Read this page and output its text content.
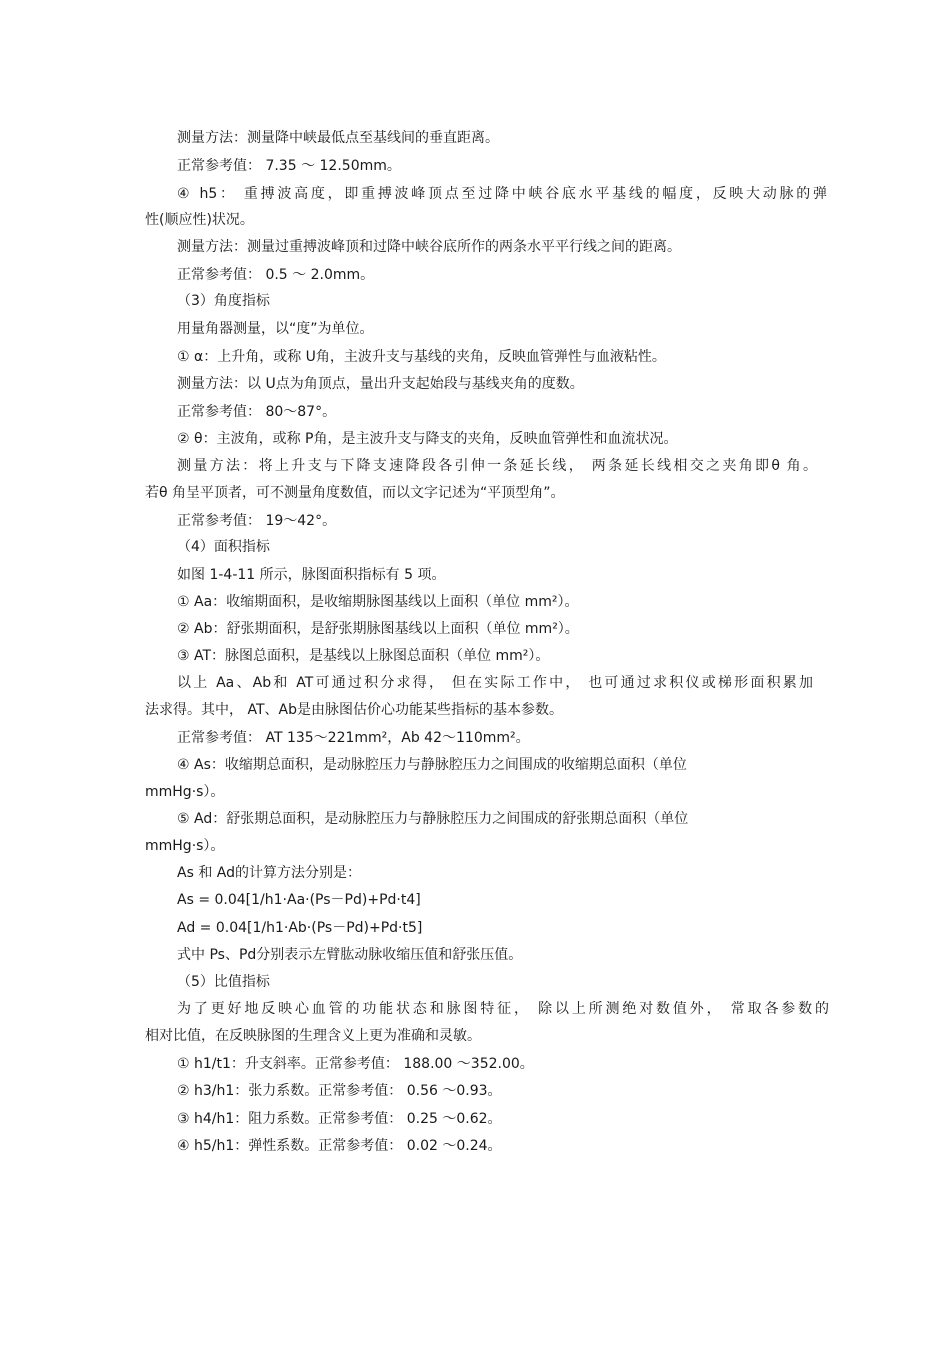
测量方法：测量降中峡最低点至基线间的垂直距离。
正常参考值： 7.35 ～ 12.50mm。
④ h5： 重搏波高度，即重搏波峰顶点至过降中峡谷底水平基线的幅度，反映大动脉的弹
性(顺应性)状况。
测量方法：测量过重搏波峰顶和过降中峡谷底所作的两条水平平行线之间的距离。
正常参考值： 0.5 ～ 2.0mm。
（3）角度指标
用量角器测量，以“度”为单位。
① α：上升角，或称 U角，主波升支与基线的夹角，反映血管弹性与血液粘性。
测量方法：以 U点为角顶点，量出升支起始段与基线夹角的度数。
正常参考值： 80～87°。
② θ：主波角，或称 P角，是主波升支与降支的夹角，反映血管弹性和血流状况。
测量方法：将上升支与下降支速降段各引伸一条延长线， 两条延长线相交之夹角即θ 角。
若θ 角呈平顶者，可不测量角度数值，而以文字记述为“平顶型角”。
正常参考值： 19～42°。
（4）面积指标
如图 1-4-11 所示，脉图面积指标有 5 项。
① Aa：收缩期面积，是收缩期脉图基线以上面积（单位 mm²）。
② Ab：舒张期面积，是舒张期脉图基线以上面积（单位 mm²）。
③ AT：脉图总面积，是基线以上脉图总面积（单位 mm²）。
以上 Aa、Ab和 AT可通过积分求得， 但在实际工作中， 也可通过求积仪或梯形面积累加
法求得。其中， AT、Ab是由脉图估价心功能某些指标的基本参数。
正常参考值： AT 135～221mm²，Ab 42～110mm²。
④ As：收缩期总面积，是动脉腔压力与静脉腔压力之间围成的收缩期总面积（单位
mmHg·s）。
⑤ Ad：舒张期总面积，是动脉腔压力与静脉腔压力之间围成的舒张期总面积（单位
mmHg·s）。
As 和 Ad的计算方法分别是：
As = 0.04[1/h1·Aa·(Ps－Pd)+Pd·t4]
Ad = 0.04[1/h1·Ab·(Ps－Pd)+Pd·t5]
式中 Ps、Pd分别表示左臂肱动脉收缩压值和舒张压值。
（5）比值指标
为了更好地反映心血管的功能状态和脉图特征， 除以上所测绝对数值外， 常取各参数的
相对比值，在反映脉图的生理含义上更为准确和灵敏。
① h1/t1：升支斜率。正常参考值： 188.00 ～352.00。
② h3/h1：张力系数。正常参考值： 0.56 ～0.93。
③ h4/h1：阻力系数。正常参考值： 0.25 ～0.62。
④ h5/h1：弹性系数。正常参考值： 0.02 ～0.24。
